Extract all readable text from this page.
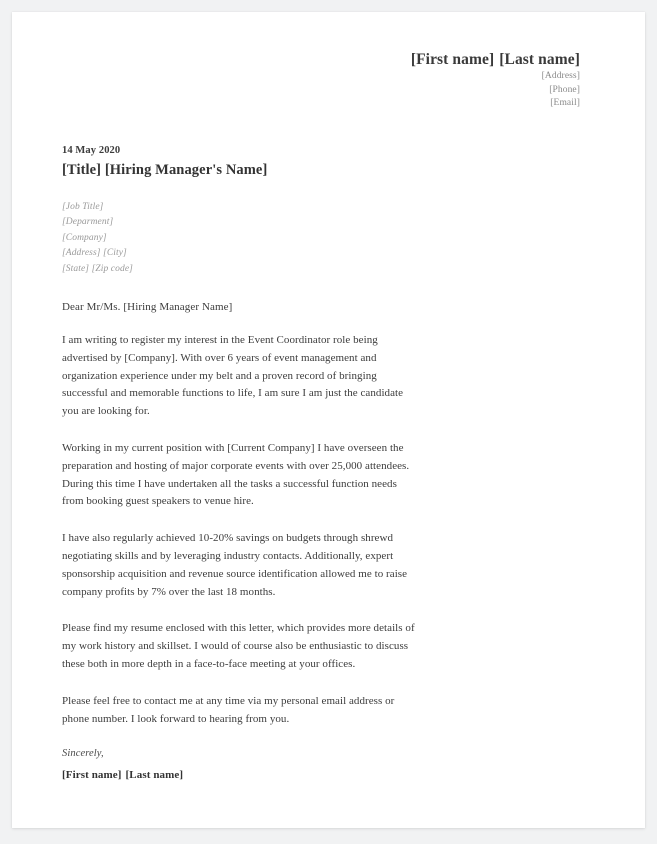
[First name] [Last name]
[Address]
[Phone]
[Email]
14 May 2020
[Title] [Hiring Manager's Name]
[Job Title]
[Deparment]
[Company]
[Address] [City]
[State] [Zip code]
Dear Mr/Ms. [Hiring Manager Name]

I am writing to register my interest in the Event Coordinator role being advertised by [Company]. With over 6 years of event management and organization experience under my belt and a proven record of bringing successful and memorable functions to life, I am sure I am just the candidate you are looking for.

Working in my current position with [Current Company] I have overseen the preparation and hosting of major corporate events with over 25,000 attendees. During this time I have undertaken all the tasks a successful function needs from booking guest speakers to venue hire.

I have also regularly achieved 10-20% savings on budgets through shrewd negotiating skills and by leveraging industry contacts. Additionally, expert sponsorship acquisition and revenue source identification allowed me to raise company profits by 7% over the last 18 months.

Please find my resume enclosed with this letter, which provides more details of my work history and skillset. I would of course also be enthusiastic to discuss these both in more depth in a face-to-face meeting at your offices.

Please feel free to contact me at any time via my personal email address or phone number. I look forward to hearing from you.

Sincerely,
[First name] [Last name]
